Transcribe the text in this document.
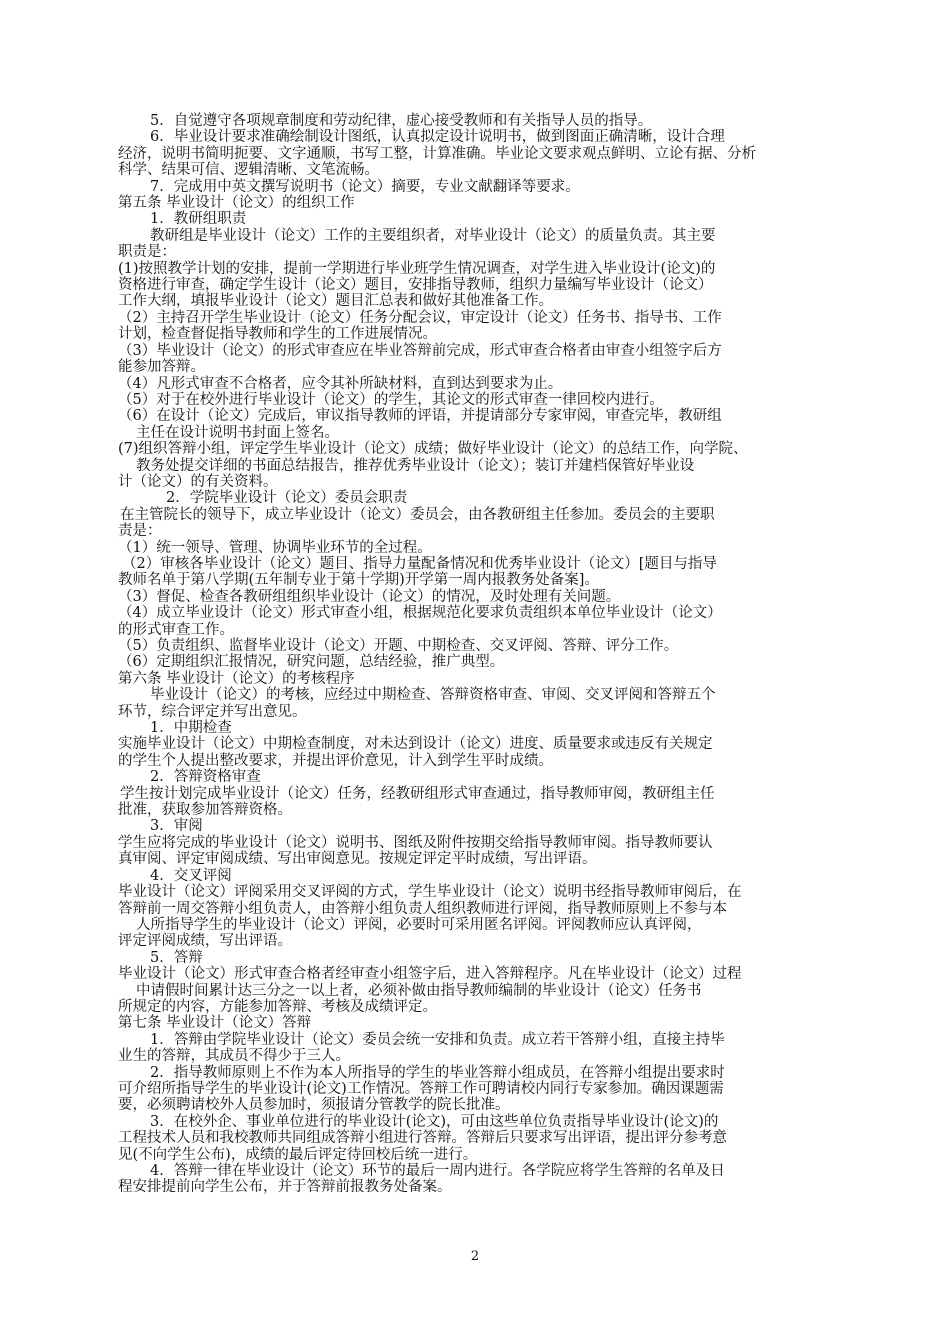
5．自觉遵守各项规章制度和劳动纪律，虚心接受教师和有关指导人员的指导。
6．毕业设计要求准确绘制设计图纸，认真拟定设计说明书，做到图面正确清晰，设计合理
经济，说明书简明扼要、文字通顺，书写工整，计算准确。毕业论文要求观点鲜明、立论有据、分析
科学、结果可信、逻辑清晰、文笔流畅。
7．完成用中英文撰写说明书（论文）摘要，专业文献翻译等要求。
第五条 毕业设计（论文）的组织工作
1．教研组职责
教研组是毕业设计（论文）工作的主要组织者，对毕业设计（论文）的质量负责。其主要
职责是：
(1)按照教学计划的安排，提前一学期进行毕业班学生情况调查，对学生进入毕业设计(论文)的
资格进行审查，确定学生设计（论文）题目，安排指导教师，组织力量编写毕业设计（论文）
工作大纲，填报毕业设计（论文）题目汇总表和做好其他准备工作。
（2）主持召开学生毕业设计（论文）任务分配会议，审定设计（论文）任务书、指导书、工作
计划，检查督促指导教师和学生的工作进展情况。
（3）毕业设计（论文）的形式审查应在毕业答辩前完成，形式审查合格者由审查小组签字后方
能参加答辩。
（4）凡形式审查不合格者，应令其补所缺材料，直到达到要求为止。
（5）对于在校外进行毕业设计（论文）的学生，其论文的形式审查一律回校内进行。
（6）在设计（论文）完成后，审议指导教师的评语，并提请部分专家审阅，审查完毕，教研组
主任在设计说明书封面上签名。
(7)组织答辩小组，评定学生毕业设计（论文）成绩；做好毕业设计（论文）的总结工作，向学院、
教务处提交详细的书面总结报告，推荐优秀毕业设计（论文）；装订并建档保管好毕业设
计（论文）的有关资料。
2．学院毕业设计（论文）委员会职责
在主管院长的领导下，成立毕业设计（论文）委员会，由各教研组主任参加。委员会的主要职
责是：
（1）统一领导、管理、协调毕业环节的全过程。
（2）审核各毕业设计（论文）题目、指导力量配备情况和优秀毕业设计（论文）[题目与指导
教师名单于第八学期(五年制专业于第十学期)开学第一周内报教务处备案]。
（3）督促、检查各教研组组织毕业设计（论文）的情况，及时处理有关问题。
（4）成立毕业设计（论文）形式审查小组，根据规范化要求负责组织本单位毕业设计（论文）
的形式审查工作。
（5）负责组织、监督毕业设计（论文）开题、中期检查、交叉评阅、答辩、评分工作。
（6）定期组织汇报情况，研究问题，总结经验，推广典型。
第六条 毕业设计（论文）的考核程序
毕业设计（论文）的考核，应经过中期检查、答辩资格审查、审阅、交叉评阅和答辩五个
环节，综合评定并写出意见。
1．中期检查
实施毕业设计（论文）中期检查制度，对未达到设计（论文）进度、质量要求或违反有关规定
的学生个人提出整改要求，并提出评价意见，计入到学生平时成绩。
2．答辩资格审查
学生按计划完成毕业设计（论文）任务，经教研组形式审查通过，指导教师审阅，教研组主任
批准，获取参加答辩资格。
3．审阅
学生应将完成的毕业设计（论文）说明书、图纸及附件按期交给指导教师审阅。指导教师要认
真审阅、评定审阅成绩、写出审阅意见。按规定评定平时成绩，写出评语。
4．交叉评阅
毕业设计（论文）评阅采用交叉评阅的方式，学生毕业设计（论文）说明书经指导教师审阅后，在
答辩前一周交答辩小组负责人，由答辩小组负责人组织教师进行评阅，指导教师原则上不参与本
人所指导学生的毕业设计（论文）评阅，必要时可采用匿名评阅。评阅教师应认真评阅，
评定评阅成绩，写出评语。
5．答辩
毕业设计（论文）形式审查合格者经审查小组签字后，进入答辩程序。凡在毕业设计（论文）过程
中请假时间累计达三分之一以上者，必须补做由指导教师编制的毕业设计（论文）任务书
所规定的内容，方能参加答辩、考核及成绩评定。
第七条 毕业设计（论文）答辩
1．答辩由学院毕业设计（论文）委员会统一安排和负责。成立若干答辩小组，直接主持毕
业生的答辩，其成员不得少于三人。
2．指导教师原则上不作为本人所指导的学生的毕业答辩小组成员，在答辩小组提出要求时
可介绍所指导学生的毕业设计(论文)工作情况。答辩工作可聘请校内同行专家参加。确因课题需
要，必须聘请校外人员参加时，须报请分管教学的院长批准。
3．在校外企、事业单位进行的毕业设计(论文)，可由这些单位负责指导毕业设计(论文)的
工程技术人员和我校教师共同组成答辩小组进行答辩。答辩后只要求写出评语，提出评分参考意
见(不向学生公布)，成绩的最后评定待回校后统一进行。
4．答辩一律在毕业设计（论文）环节的最后一周内进行。各学院应将学生答辩的名单及日
程安排提前向学生公布，并于答辩前报教务处备案。
2
